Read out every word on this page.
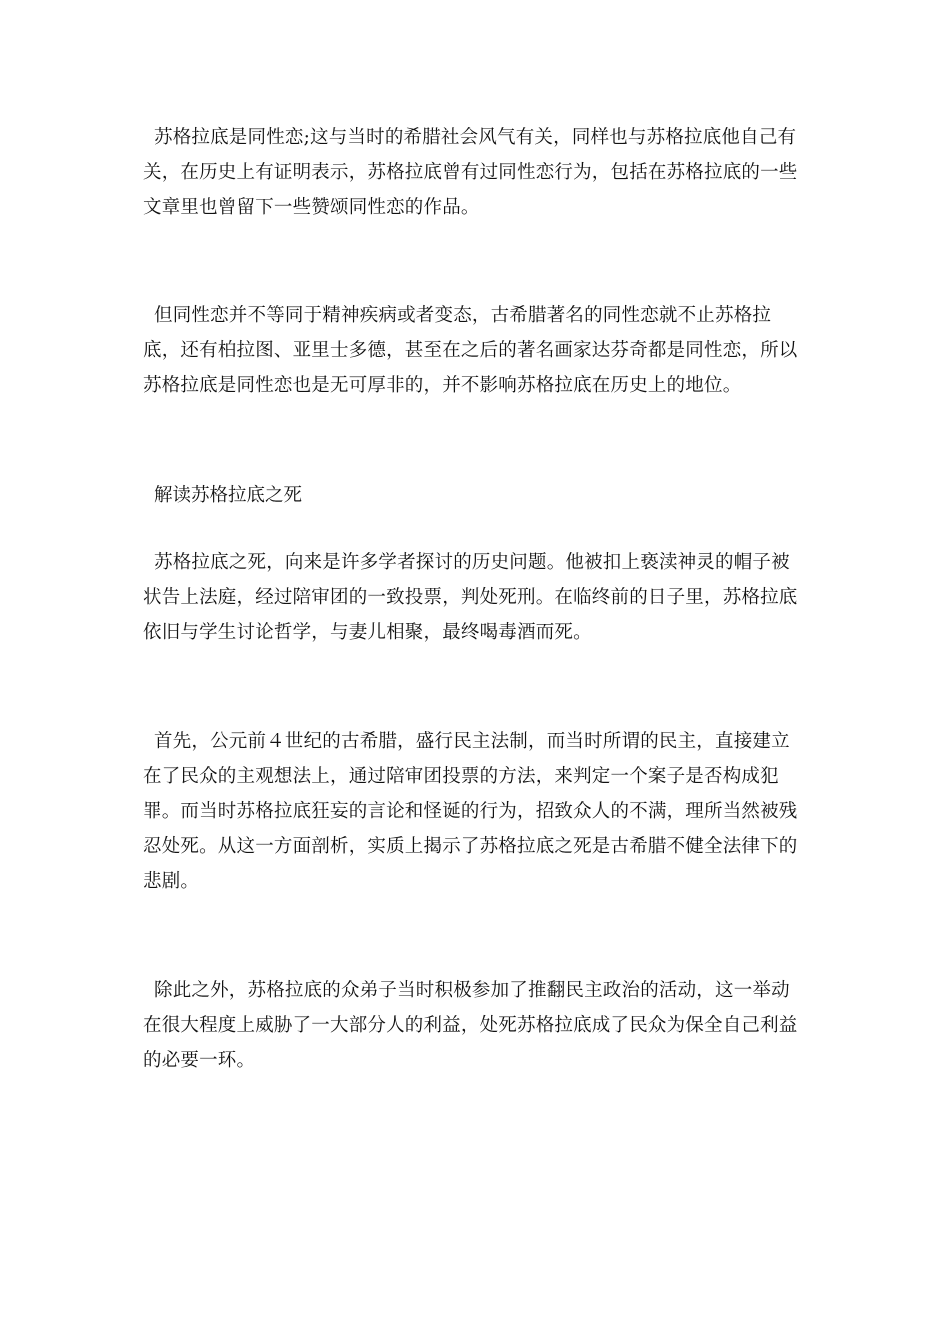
苏格拉底是同性恋;这与当时的希腊社会风气有关，同样也与苏格拉底他自己有关，在历史上有证明表示，苏格拉底曾有过同性恋行为，包括在苏格拉底的一些文章里也曾留下一些赞颂同性恋的作品。

但同性恋并不等同于精神疾病或者变态，古希腊著名的同性恋就不止苏格拉底，还有柏拉图、亚里士多德，甚至在之后的著名画家达芬奇都是同性恋，所以苏格拉底是同性恋也是无可厚非的，并不影响苏格拉底在历史上的地位。

解读苏格拉底之死

苏格拉底之死，向来是许多学者探讨的历史问题。他被扣上亵渎神灵的帽子被状告上法庭，经过陪审团的一致投票，判处死刑。在临终前的日子里，苏格拉底依旧与学生讨论哲学，与妻儿相聚，最终喝毒酒而死。

首先，公元前４世纪的古希腊，盛行民主法制，而当时所谓的民主，直接建立在了民众的主观想法上，通过陪审团投票的方法，来判定一个案子是否构成犯罪。而当时苏格拉底狂妄的言论和怪诞的行为，招致众人的不满，理所当然被残忍处死。从这一方面剖析，实质上揭示了苏格拉底之死是古希腊不健全法律下的悲剧。

除此之外，苏格拉底的众弟子当时积极参加了推翻民主政治的活动，这一举动在很大程度上威胁了一大部分人的利益，处死苏格拉底成了民众为保全自己利益的必要一环。
